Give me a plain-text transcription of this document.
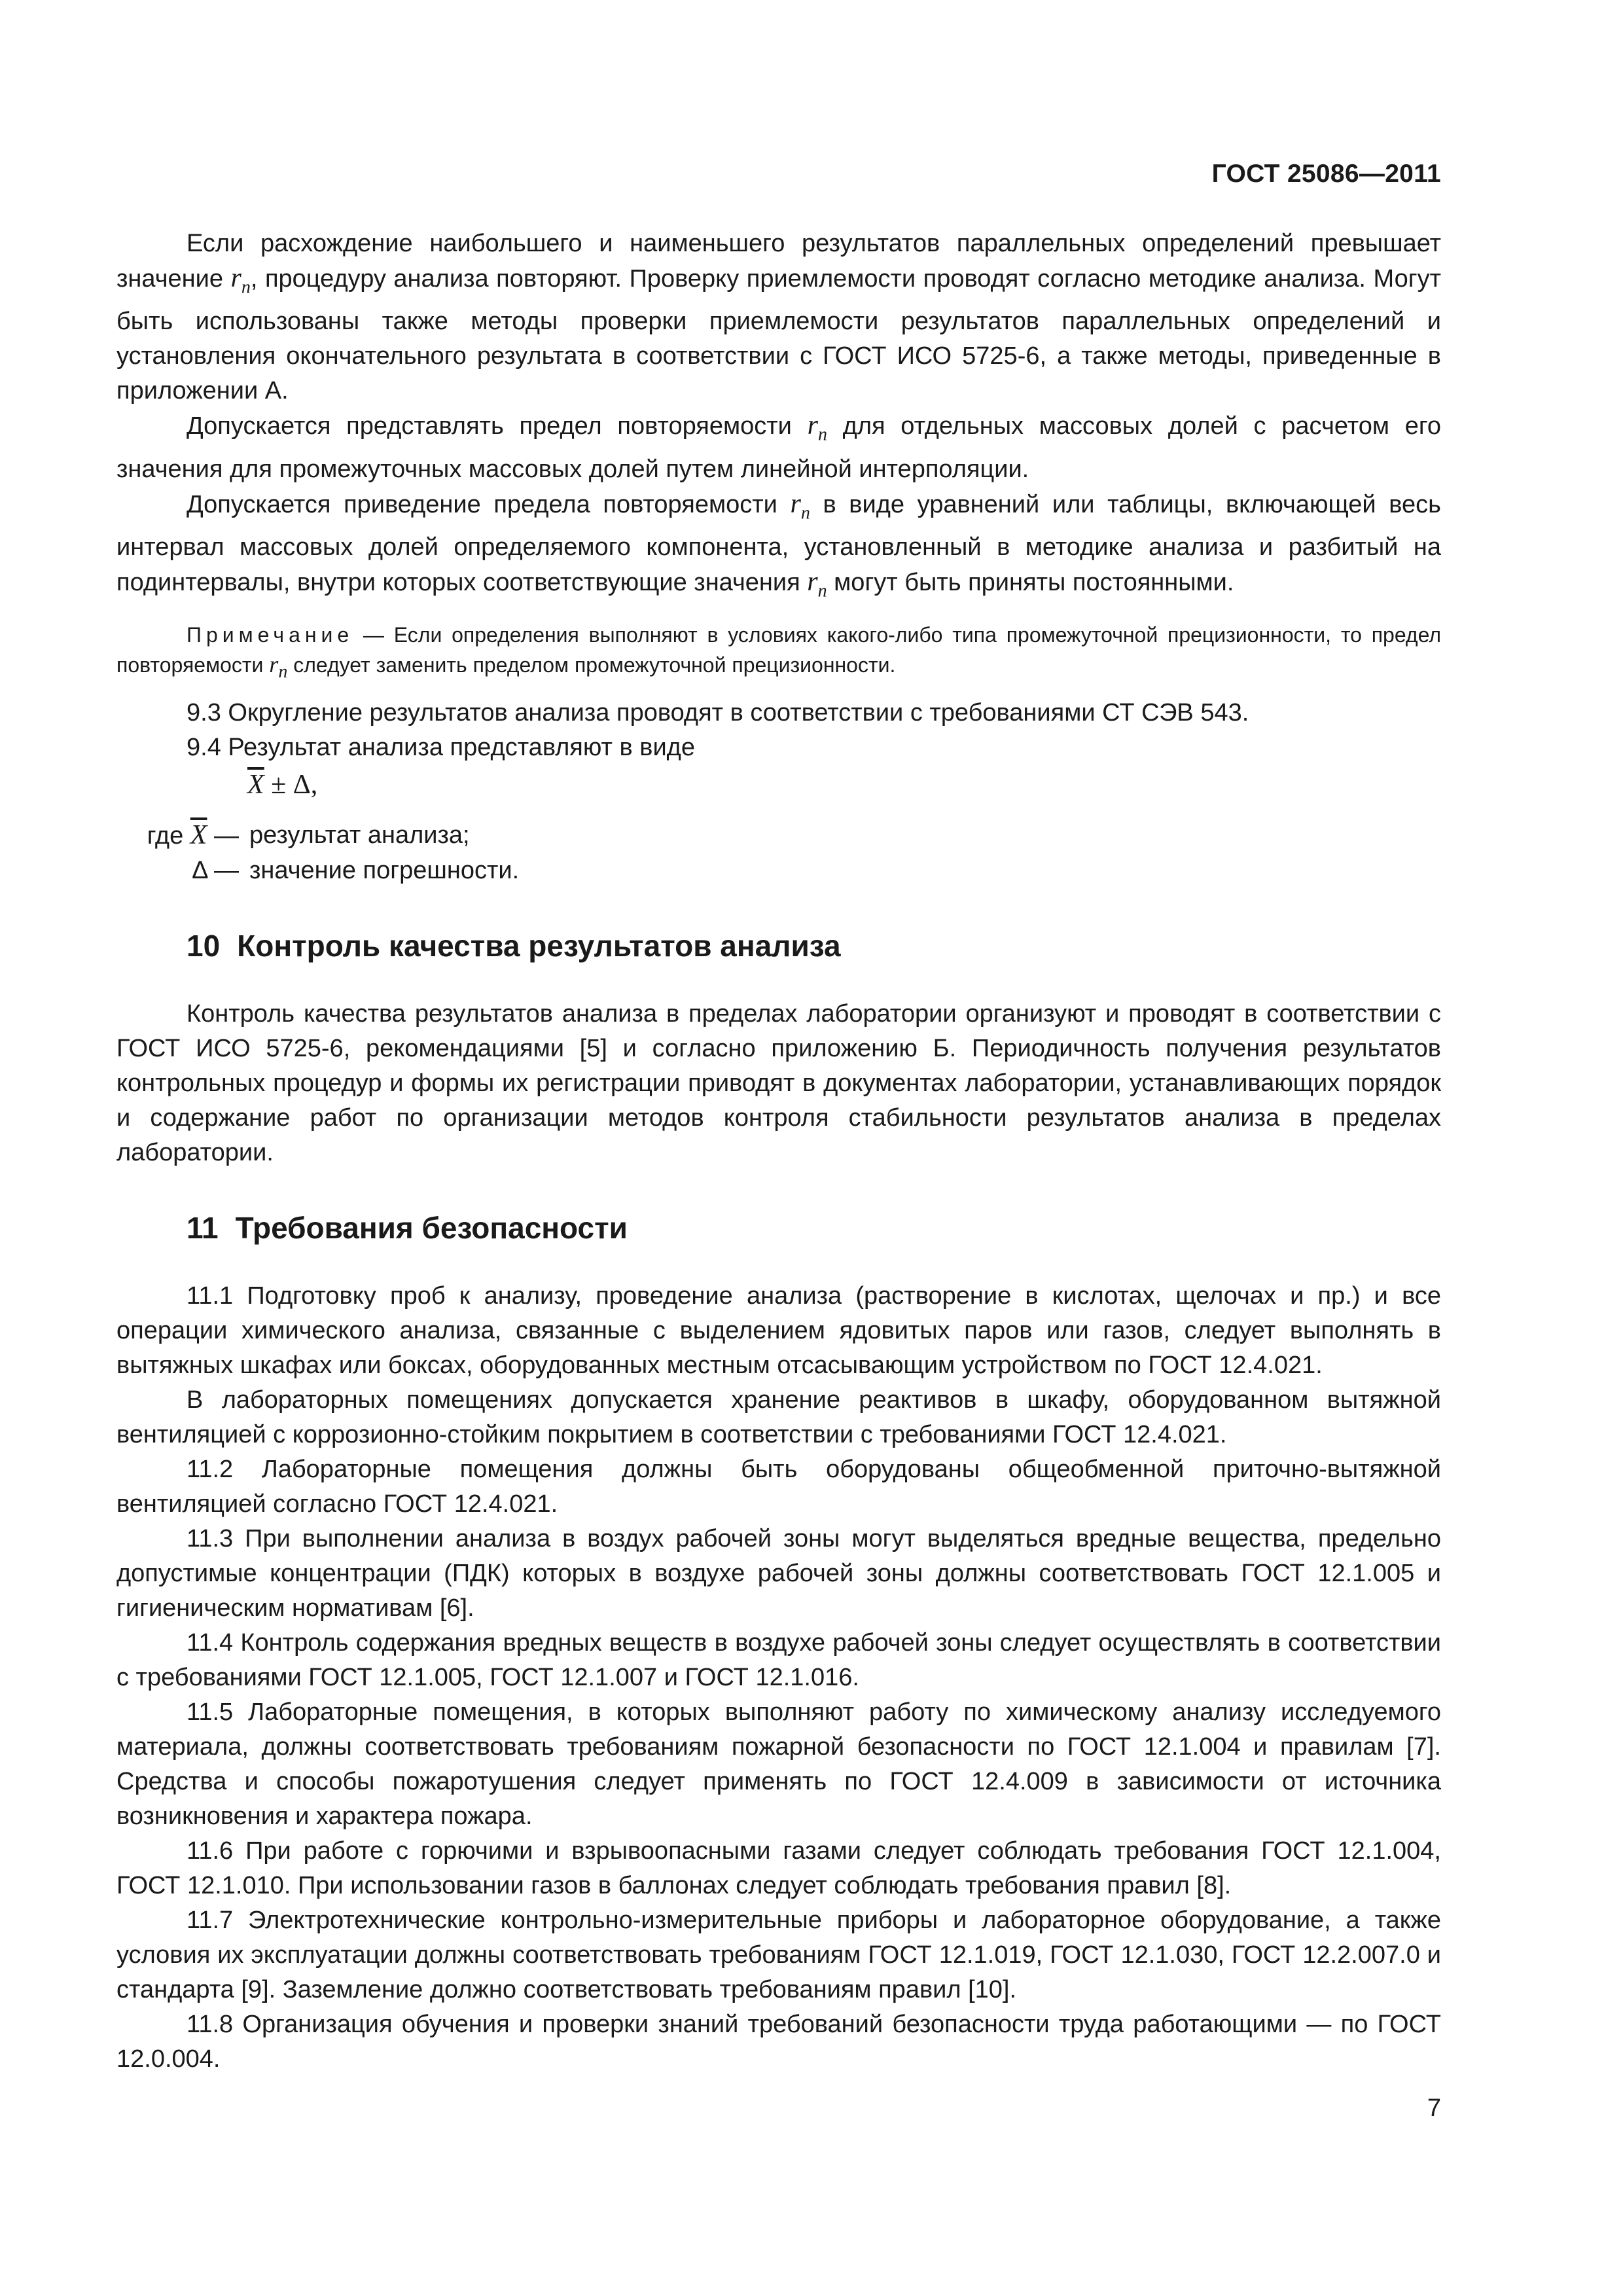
ГОСТ 25086—2011

Если расхождение наибольшего и наименьшего результатов параллельных определений превышает значение $r_n$, процедуру анализа повторяют. Проверку приемлемости проводят согласно методике анализа. Могут быть использованы также методы проверки приемлемости результатов параллельных определений и установления окончательного результата в соответствии с ГОСТ ИСО 5725-6, а также методы, приведенные в приложении А.

Допускается представлять предел повторяемости $r_n$ для отдельных массовых долей с расчетом его значения для промежуточных массовых долей путем линейной интерполяции.

Допускается приведение предела повторяемости $r_n$ в виде уравнений или таблицы, включающей весь интервал массовых долей определяемого компонента, установленный в методике анализа и разбитый на подинтервалы, внутри которых соответствующие значения $r_n$ могут быть приняты постоянными.

Примечание — Если определения выполняют в условиях какого-либо типа промежуточной прецизионности, то предел повторяемости $r_n$ следует заменить пределом промежуточной прецизионности.

9.3 Округление результатов анализа проводят в соответствии с требованиями СТ СЭВ 543.

9.4 Результат анализа представляют в виде

$\overline{X} \pm \Delta$,

где $\overline{X}$ — результат анализа;
Δ — значение погрешности.
10 Контроль качества результатов анализа

Контроль качества результатов анализа в пределах лаборатории организуют и проводят в соответствии с ГОСТ ИСО 5725-6, рекомендациями [5] и согласно приложению Б. Периодичность получения результатов контрольных процедур и формы их регистрации приводят в документах лаборатории, устанавливающих порядок и содержание работ по организации методов контроля стабильности результатов анализа в пределах лаборатории.

11 Требования безопасности

11.1 Подготовку проб к анализу, проведение анализа (растворение в кислотах, щелочах и пр.) и все операции химического анализа, связанные с выделением ядовитых паров или газов, следует выполнять в вытяжных шкафах или боксах, оборудованных местным отсасывающим устройством по ГОСТ 12.4.021.

В лабораторных помещениях допускается хранение реактивов в шкафу, оборудованном вытяжной вентиляцией с коррозионно-стойким покрытием в соответствии с требованиями ГОСТ 12.4.021.

11.2 Лабораторные помещения должны быть оборудованы общеобменной приточно-вытяжной вентиляцией согласно ГОСТ 12.4.021.

11.3 При выполнении анализа в воздух рабочей зоны могут выделяться вредные вещества, предельно допустимые концентрации (ПДК) которых в воздухе рабочей зоны должны соответствовать ГОСТ 12.1.005 и гигиеническим нормативам [6].

11.4 Контроль содержания вредных веществ в воздухе рабочей зоны следует осуществлять в соответствии с требованиями ГОСТ 12.1.005, ГОСТ 12.1.007 и ГОСТ 12.1.016.

11.5 Лабораторные помещения, в которых выполняют работу по химическому анализу исследуемого материала, должны соответствовать требованиям пожарной безопасности по ГОСТ 12.1.004 и правилам [7]. Средства и способы пожаротушения следует применять по ГОСТ 12.4.009 в зависимости от источника возникновения и характера пожара.

11.6 При работе с горючими и взрывоопасными газами следует соблюдать требования ГОСТ 12.1.004, ГОСТ 12.1.010. При использовании газов в баллонах следует соблюдать требования правил [8].

11.7 Электротехнические контрольно-измерительные приборы и лабораторное оборудование, а также условия их эксплуатации должны соответствовать требованиям ГОСТ 12.1.019, ГОСТ 12.1.030, ГОСТ 12.2.007.0 и стандарта [9]. Заземление должно соответствовать требованиям правил [10].

11.8 Организация обучения и проверки знаний требований безопасности труда работающими — по ГОСТ 12.0.004.

7
